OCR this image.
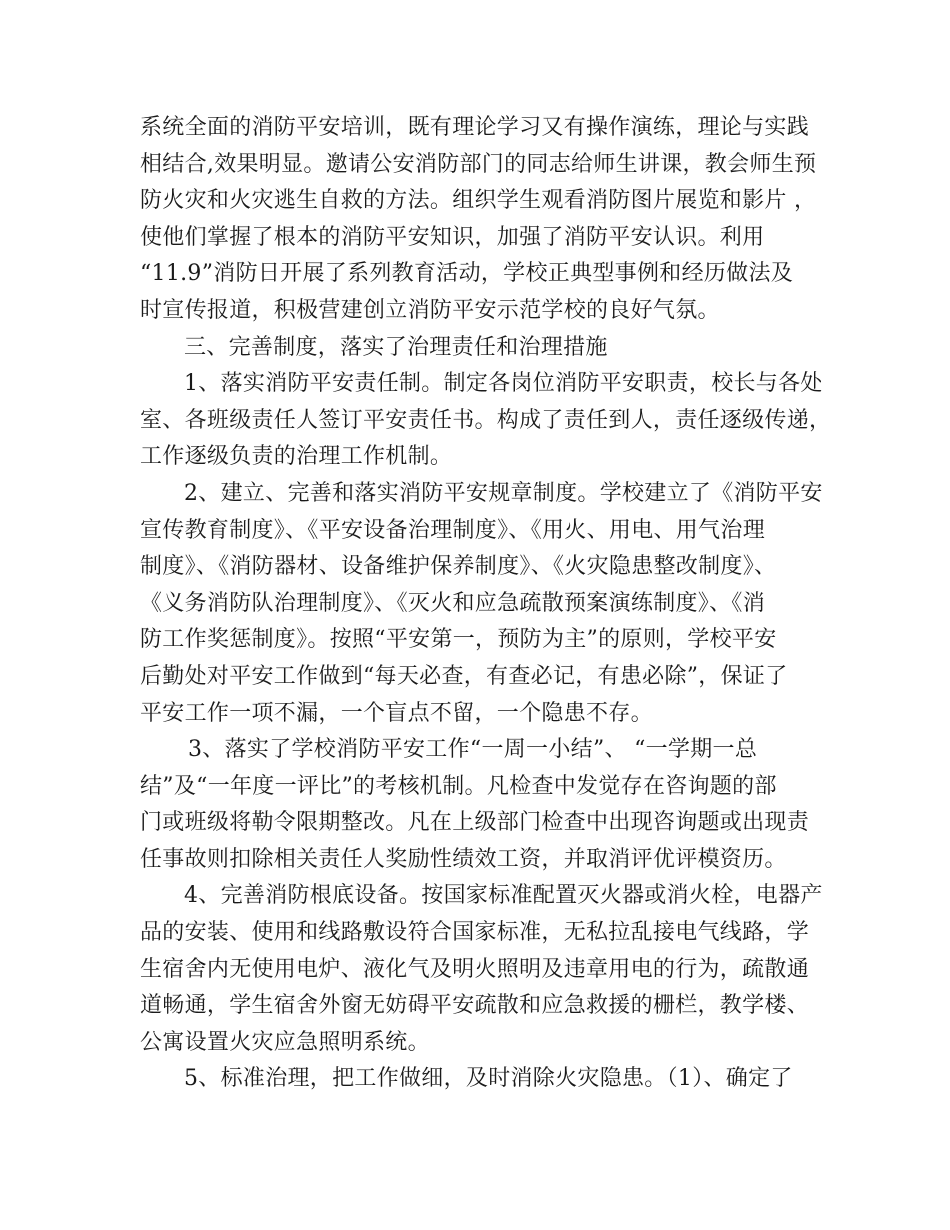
系统全面的消防平安培训，既有理论学习又有操作演练，理论与实践
相结合,效果明显。邀请公安消防部门的同志给师生讲课，教会师生预
防火灾和火灾逃生自救的方法。组织学生观看消防图片展览和影片 ，
使他们掌握了根本的消防平安知识，加强了消防平安认识。利用
“11.9”消防日开展了系列教育活动，学校正典型事例和经历做法及
时宣传报道，积极营建创立消防平安示范学校的良好气氛。
三、完善制度，落实了治理责任和治理措施
1、落实消防平安责任制。制定各岗位消防平安职责，校长与各处
室、各班级责任人签订平安责任书。构成了责任到人，责任逐级传递，
工作逐级负责的治理工作机制。
2、建立、完善和落实消防平安规章制度。学校建立了《消防平安
宣传教育制度》、《平安设备治理制度》、《用火、用电、用气治理
制度》、《消防器材、设备维护保养制度》、《火灾隐患整改制度》、
《义务消防队治理制度》、《灭火和应急疏散预案演练制度》、《消
防工作奖惩制度》。按照“平安第一，预防为主”的原则，学校平安
后勤处对平安工作做到“每天必查，有查必记，有患必除”，保证了
平安工作一项不漏，一个盲点不留，一个隐患不存。
3、落实了学校消防平安工作“一周一小结”、 “一学期一总
结”及“一年度一评比”的考核机制。凡检查中发觉存在咨询题的部
门或班级将勒令限期整改。凡在上级部门检查中出现咨询题或出现责
任事故则扣除相关责任人奖励性绩效工资，并取消评优评模资历。
4、完善消防根底设备。按国家标准配置灭火器或消火栓，电器产
品的安装、使用和线路敷设符合国家标准，无私拉乱接电气线路，学
生宿舍内无使用电炉、液化气及明火照明及违章用电的行为，疏散通
道畅通，学生宿舍外窗无妨碍平安疏散和应急救援的栅栏，教学楼、
公寓设置火灾应急照明系统。
5、标准治理，把工作做细，及时消除火灾隐患。（1）、确定了
